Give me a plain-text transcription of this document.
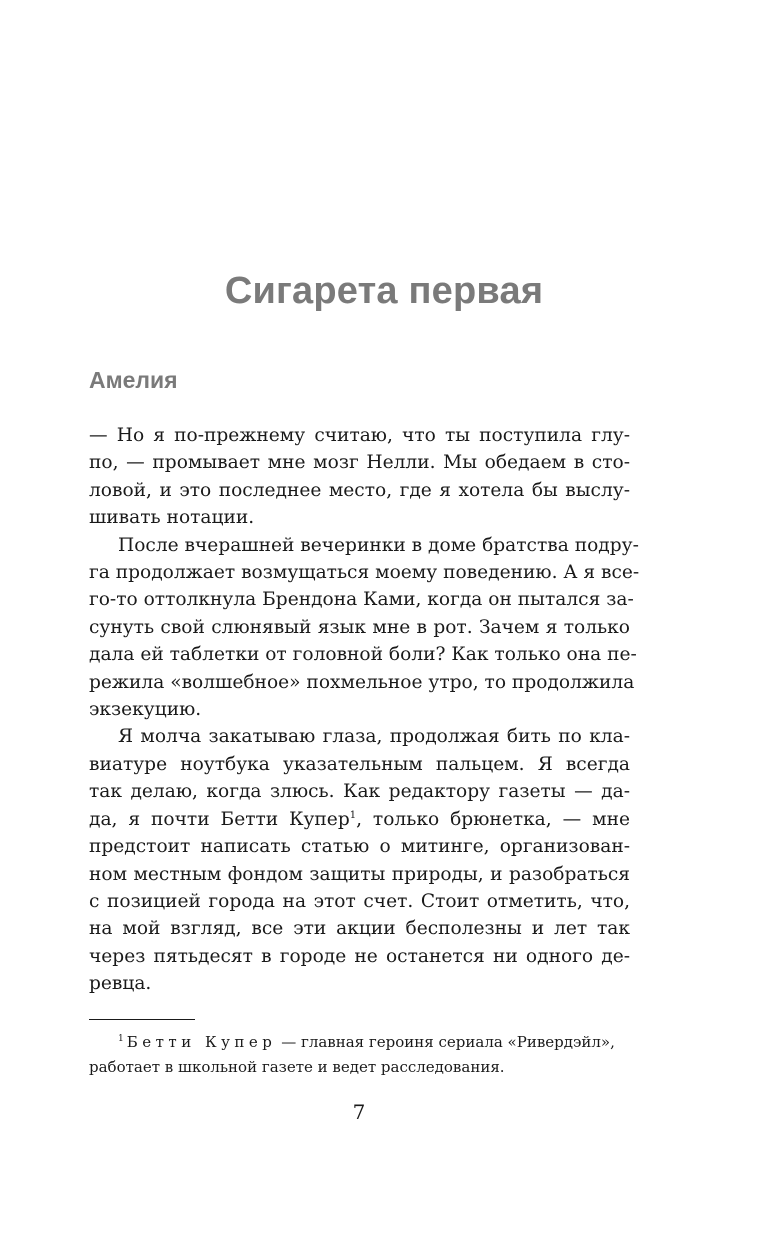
Сигарета первая
Амелия

— Но я по-прежнему считаю, что ты поступила глу-
по, — промывает мне мозг Нелли. Мы обедаем в сто-
ловой, и это последнее место, где я хотела бы выслу-
шивать нотации.

После вчерашней вечеринки в доме братства подру-
га продолжает возмущаться моему поведению. А я все-
го-то оттолкнула Брендона Ками, когда он пытался за-
сунуть свой слюнявый язык мне в рот. Зачем я только
дала ей таблетки от головной боли? Как только она пе-
режила «волшебное» похмельное утро, то продолжила
экзекуцию.

Я молча закатываю глаза, продолжая бить по кла-
виатуре ноутбука указательным пальцем. Я всегда
так делаю, когда злюсь. Как редактору газеты — да-
да, я почти Бетти Купер$^1$, только брюнетка, — мне
предстоит написать статью о митинге, организован-
ном местным фондом защиты природы, и разобраться
с позицией города на этот счет. Стоит отметить, что,
на мой взгляд, все эти акции бесполезны и лет так
через пятьдесят в городе не останется ни одного де-
ревца.

$^1$ Бетти Купер — главная героиня сериала «Ривердэйл»,
работает в школьной газете и ведет расследования.
7
